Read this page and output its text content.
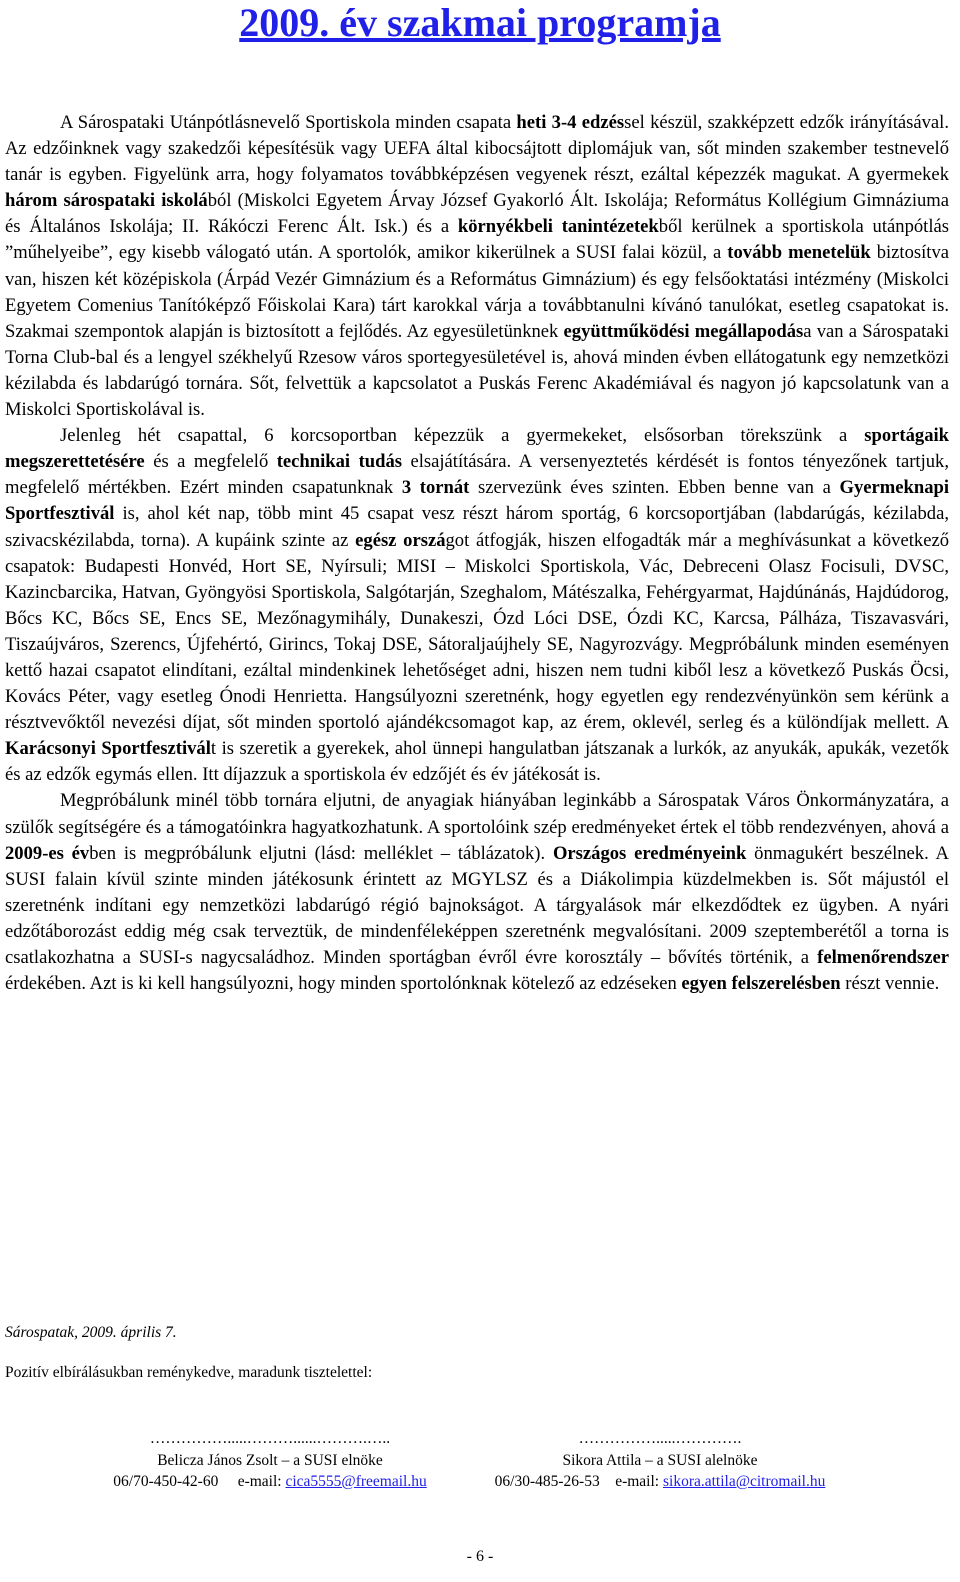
2009. év szakmai programja

A Sárospataki Utánpótlásnevelő Sportiskola minden csapata heti 3-4 edzéssel készül, szakképzett edzők irányításával. Az edzőinknek vagy szakedzői képesítésük vagy UEFA által kibocsájtott diplomájuk van, sőt minden szakember testnevelő tanár is egyben. Figyelünk arra, hogy folyamatos továbbképzésen vegyenek részt, ezáltal képezzék magukat. A gyermekek három sárospataki iskolából (Miskolci Egyetem Árvay József Gyakorló Ált. Iskolája; Református Kollégium Gimnáziuma és Általános Iskolája; II. Rákóczi Ferenc Ált. Isk.) és a környékbeli tanintézetekből kerülnek a sportiskola utánpótlás ”műhelyeibe”, egy kisebb válogató után. A sportolók, amikor kikerülnek a SUSI falai közül, a tovább menetelük biztosítva van, hiszen két középiskola (Árpád Vezér Gimnázium és a Református Gimnázium) és egy felsőoktatási intézmény (Miskolci Egyetem Comenius Tanítóképző Főiskolai Kara) tárt karokkal várja a továbbtanulni kívánó tanulókat, esetleg csapatokat is. Szakmai szempontok alapján is biztosított a fejlődés. Az egyesületünknek együttműködési megállapodása van a Sárospataki Torna Club-bal és a lengyel székhelyű Rzesow város sportegyesületével is, ahová minden évben ellátogatunk egy nemzetközi kézilabda és labdarúgó tornára. Sőt, felvettük a kapcsolatot a Puskás Ferenc Akadémiával és nagyon jó kapcsolatunk van a Miskolci Sportiskolával is.

Jelenleg hét csapattal, 6 korcsoportban képezzük a gyermekeket, elsősorban törekszünk a sportágaik megszerettetésére és a megfelelő technikai tudás elsajátítására. A versenyeztetés kérdését is fontos tényezőnek tartjuk, megfelelő mértékben. Ezért minden csapatunknak 3 tornát szervezünk éves szinten. Ebben benne van a Gyermeknapi Sportfesztivál is, ahol két nap, több mint 45 csapat vesz részt három sportág, 6 korcsoportjában (labdarúgás, kézilabda, szivacskézilabda, torna). A kupáink szinte az egész országot átfogják, hiszen elfogadták már a meghívásunkat a következő csapatok: Budapesti Honvéd, Hort SE, Nyírsuli; MISI – Miskolci Sportiskola, Vác, Debreceni Olasz Focisuli, DVSC, Kazincbarcika, Hatvan, Gyöngyösi Sportiskola, Salgótarján, Szeghalom, Mátészalka, Fehérgyarmat, Hajdúnánás, Hajdúdorog, Bőcs KC, Bőcs SE, Encs SE, Mezőnagymihály, Dunakeszi, Ózd Lóci DSE, Ózdi KC, Karcsa, Pálháza, Tiszavasvári, Tiszaújváros, Szerencs, Újfehértó, Girincs, Tokaj DSE, Sátoraljaújhely SE, Nagyrozvágy. Megpróbálunk minden eseményen kettő hazai csapatot elindítani, ezáltal mindenkinek lehetőséget adni, hiszen nem tudni kiből lesz a következő Puskás Öcsi, Kovács Péter, vagy esetleg Ónodi Henrietta. Hangsúlyozni szeretnénk, hogy egyetlen egy rendezvényünkön sem kérünk a résztvevőktől nevezési díjat, sőt minden sportoló ajándékcsomagot kap, az érem, oklevél, serleg és a különdíjak mellett. A Karácsonyi Sportfesztivált is szeretik a gyerekek, ahol ünnepi hangulatban játszanak a lurkók, az anyukák, apukák, vezetők és az edzők egymás ellen. Itt díjazzuk a sportiskola év edzőjét és év játékosát is.

Megpróbálunk minél több tornára eljutni, de anyagiak hiányában leginkább a Sárospatak Város Önkormányzatára, a szülők segítségére és a támogatóinkra hagyatkozhatunk. A sportolóink szép eredményeket értek el több rendezvényen, ahová a 2009-es évben is megpróbálunk eljutni (lásd: melléklet – táblázatok). Országos eredményeink önmagukért beszélnek. A SUSI falain kívül szinte minden játékosunk érintett az MGYLSZ és a Diákolimpia küzdelmekben is. Sőt májustól el szeretnénk indítani egy nemzetközi labdarúgó régió bajnokságot. A tárgyalások már elkezdődtek ez ügyben. A nyári edzőtáborozást eddig még csak terveztük, de mindenféleképpen szeretnénk megvalósítani. 2009 szeptemberétől a torna is csatlakozhatna a SUSI-s nagycsaládhoz. Minden sportágban évről évre korosztály – bővítés történik, a felmenőrendszer érdekében. Azt is ki kell hangsúlyozni, hogy minden sportolónknak kötelező az edzéseken egyen felszerelésben részt vennie.

Sárospatak, 2009. április 7.
Pozitív elbírálásukban reménykedve, maradunk tisztelettel:
…………….....………......……….…..
Belicza János Zsolt – a SUSI elnöke
06/70-450-42-60 e-mail: cica5555@freemail.hu
…………….....………….
Sikora Attila – a SUSI alelnöke
06/30-485-26-53 e-mail: sikora.attila@citromail.hu
- 6 -
